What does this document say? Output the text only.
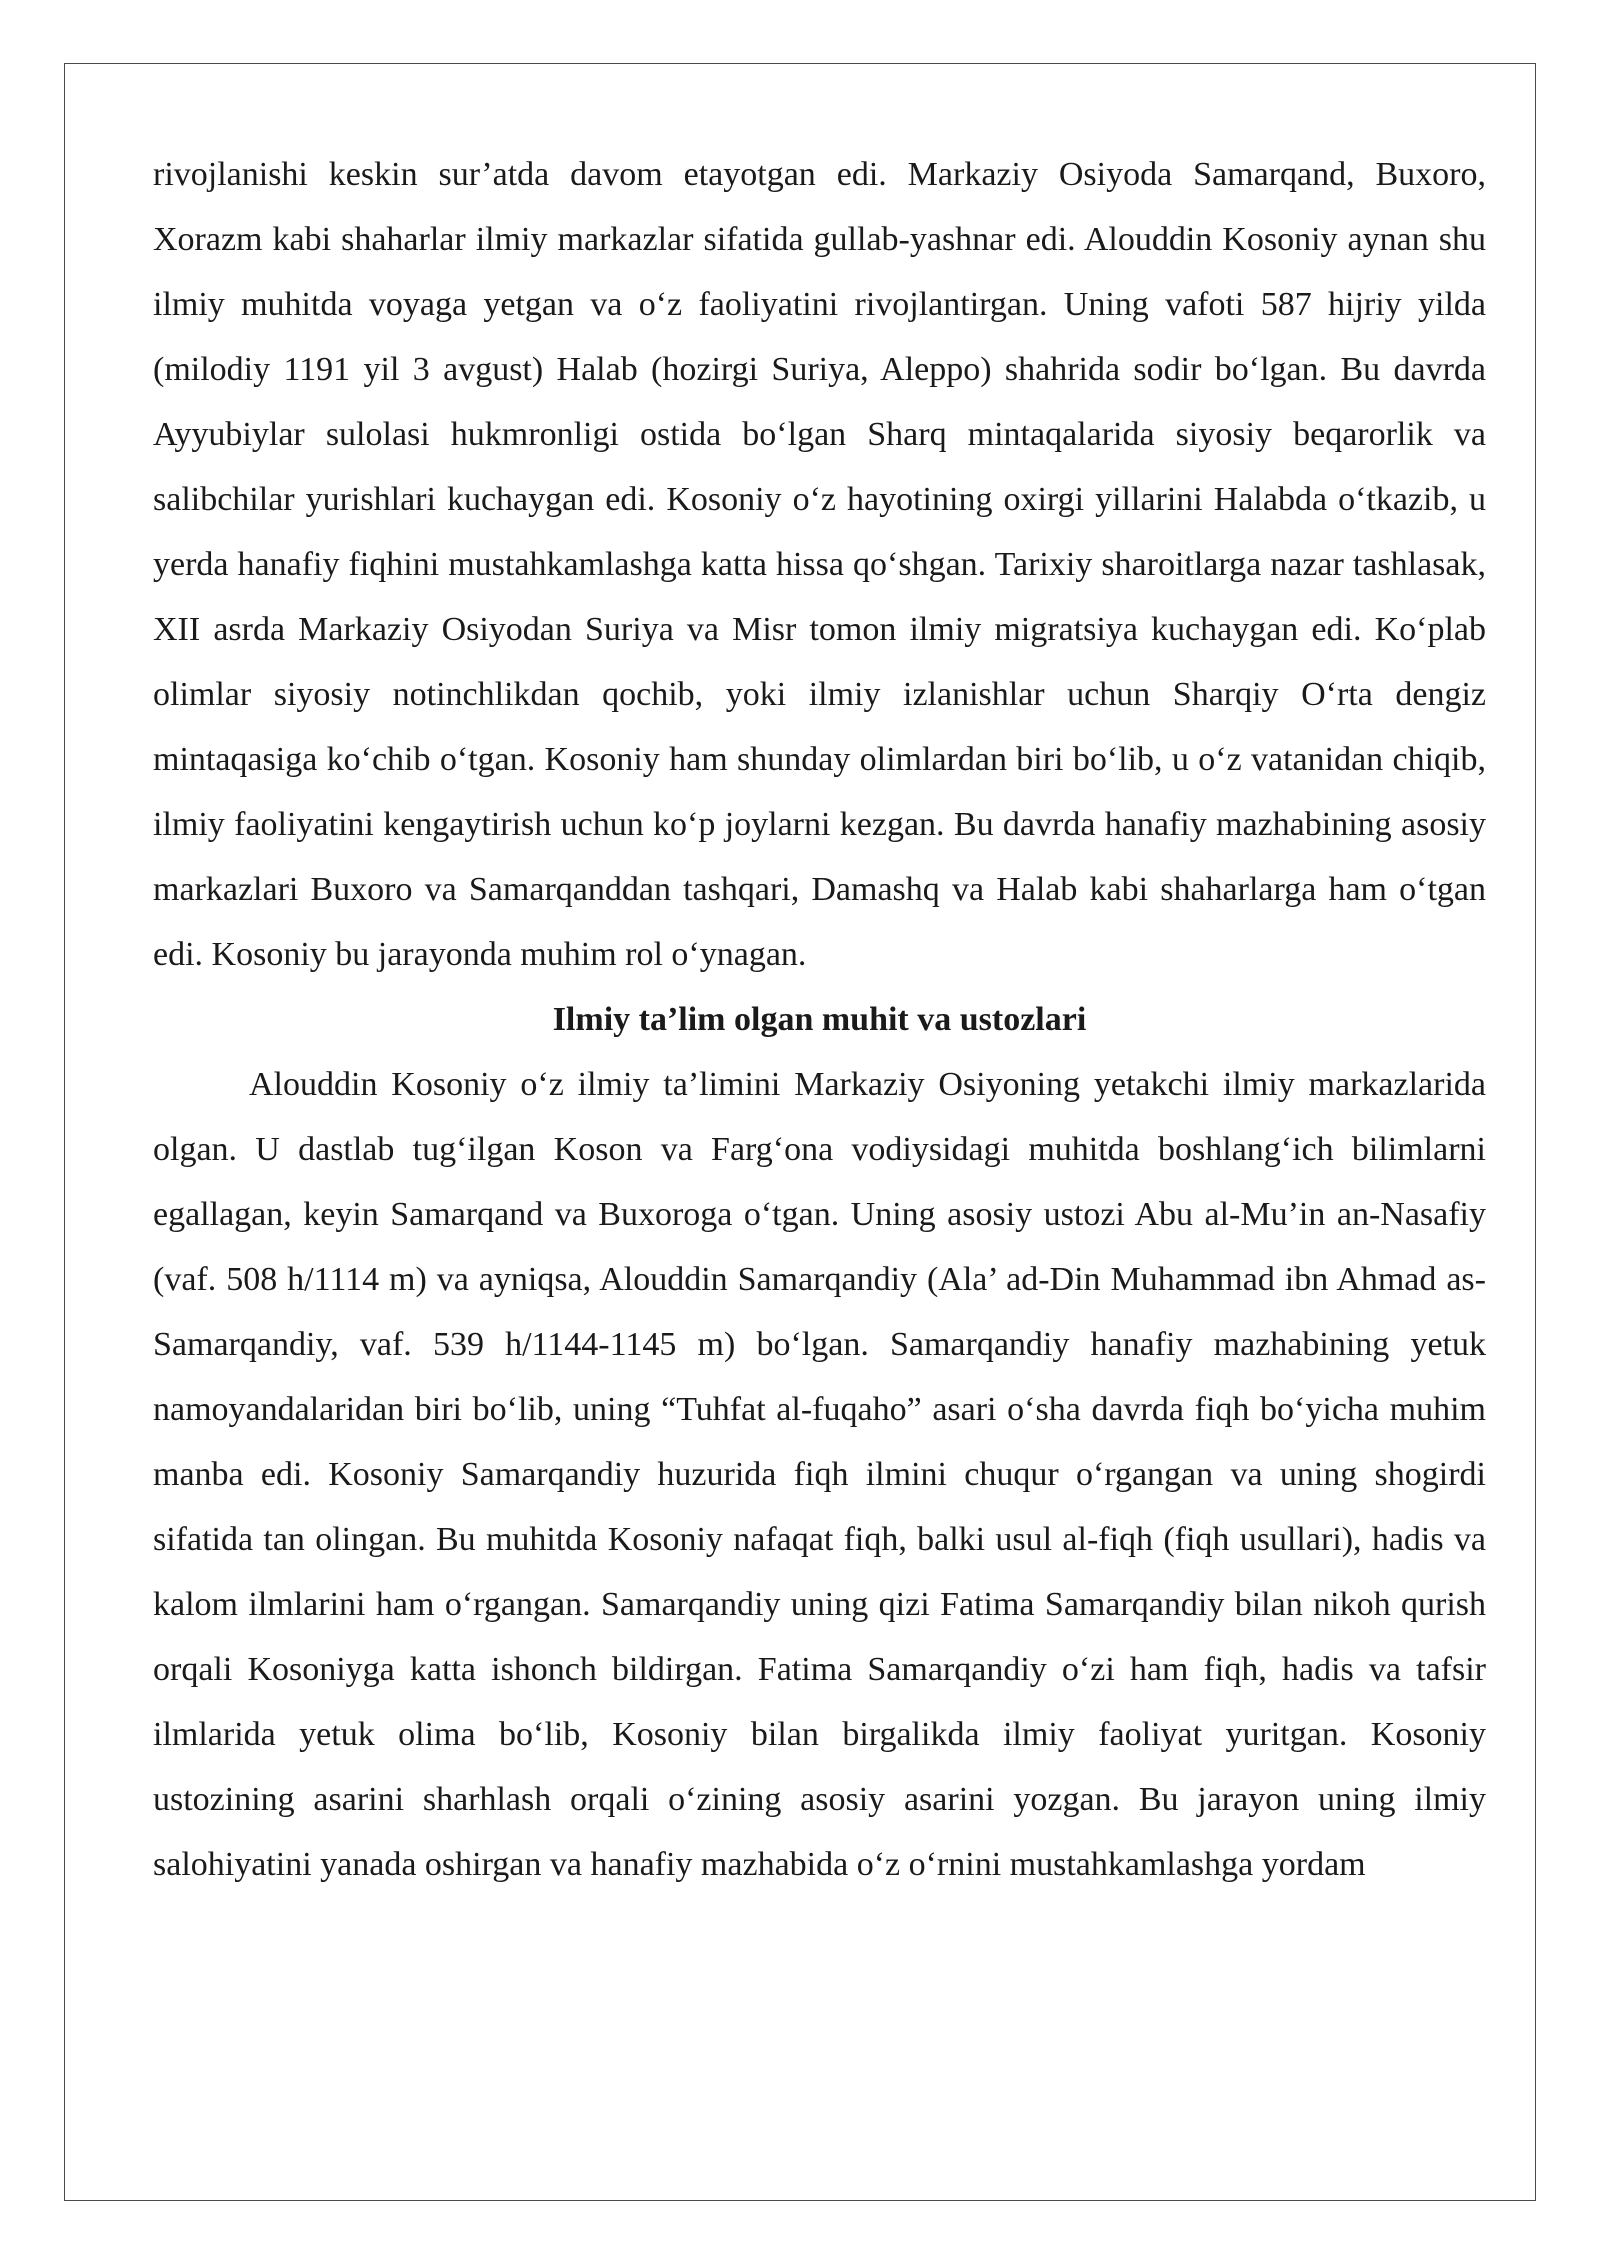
rivojlanishi keskin sur’atda davom etayotgan edi. Markaziy Osiyoda Samarqand, Buxoro, Xorazm kabi shaharlar ilmiy markazlar sifatida gullab-yashnar edi. Alouddin Kosoniy aynan shu ilmiy muhitda voyaga yetgan va o‘z faoliyatini rivojlantirgan. Uning vafoti 587 hijriy yilda (milodiy 1191 yil 3 avgust) Halab (hozirgi Suriya, Aleppo) shahrida sodir bo‘lgan. Bu davrda Ayyubiylar sulolasi hukmronligi ostida bo‘lgan Sharq mintaqalarida siyosiy beqarorlik va salibchilar yurishlari kuchaygan edi. Kosoniy o‘z hayotining oxirgi yillarini Halabda o‘tkazib, u yerda hanafiy fiqhini mustahkamlashga katta hissa qo‘shgan. Tarixiy sharoitlarga nazar tashlasak, XII asrda Markaziy Osiyodan Suriya va Misr tomon ilmiy migratsiya kuchaygan edi. Ko‘plab olimlar siyosiy notinchlikdan qochib, yoki ilmiy izlanishlar uchun Sharqiy O‘rta dengiz mintaqasiga ko‘chib o‘tgan. Kosoniy ham shunday olimlardan biri bo‘lib, u o‘z vatanidan chiqib, ilmiy faoliyatini kengaytirish uchun ko‘p joylarni kezgan. Bu davrda hanafiy mazhabining asosiy markazlari Buxoro va Samarqanddan tashqari, Damashq va Halab kabi shaharlarga ham o‘tgan edi. Kosoniy bu jarayonda muhim rol o‘ynagan.

Ilmiy ta’lim olgan muhit va ustozlari

Alouddin Kosoniy o‘z ilmiy ta’limini Markaziy Osiyoning yetakchi ilmiy markazlarida olgan. U dastlab tug‘ilgan Koson va Farg‘ona vodiysidagi muhitda boshlang‘ich bilimlarni egallagan, keyin Samarqand va Buxoroga o‘tgan. Uning asosiy ustozi Abu al-Mu’in an-Nasafiy (vaf. 508 h/1114 m) va ayniqsa, Alouddin Samarqandiy (Ala’ ad-Din Muhammad ibn Ahmad as-Samarqandiy, vaf. 539 h/1144-1145 m) bo‘lgan. Samarqandiy hanafiy mazhabining yetuk namoyandalaridan biri bo‘lib, uning “Tuhfat al-fuqaho” asari o‘sha davrda fiqh bo‘yicha muhim manba edi. Kosoniy Samarqandiy huzurida fiqh ilmini chuqur o‘rgangan va uning shogirdi sifatida tan olingan. Bu muhitda Kosoniy nafaqat fiqh, balki usul al-fiqh (fiqh usullari), hadis va kalom ilmlarini ham o‘rgangan. Samarqandiy uning qizi Fatima Samarqandiy bilan nikoh qurish orqali Kosoniyga katta ishonch bildirgan. Fatima Samarqandiy o‘zi ham fiqh, hadis va tafsir ilmlarida yetuk olima bo‘lib, Kosoniy bilan birgalikda ilmiy faoliyat yuritgan. Kosoniy ustozining asarini sharhlash orqali o‘zining asosiy asarini yozgan. Bu jarayon uning ilmiy salohiyatini yanada oshirgan va hanafiy mazhabida o‘z o‘rnini mustahkamlashga yordam
